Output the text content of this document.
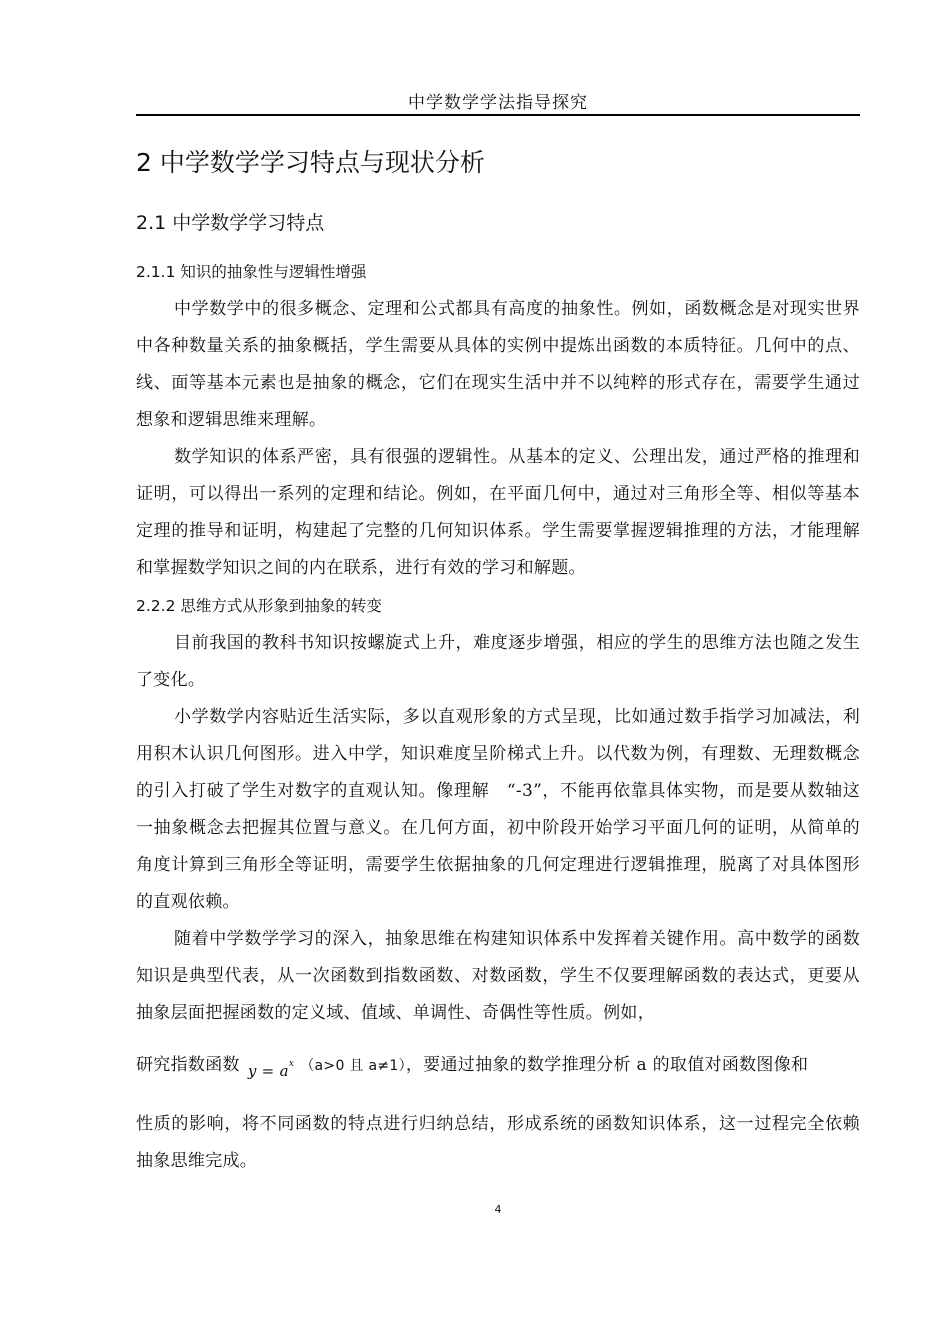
中学数学学法指导探究
2 中学数学学习特点与现状分析
2.1 中学数学学习特点
2.1.1 知识的抽象性与逻辑性增强

中学数学中的很多概念、定理和公式都具有高度的抽象性。例如，函数概念是对现实世界中各种数量关系的抽象概括，学生需要从具体的实例中提炼出函数的本质特征。几何中的点、线、面等基本元素也是抽象的概念，它们在现实生活中并不以纯粹的形式存在，需要学生通过想象和逻辑思维来理解。

数学知识的体系严密，具有很强的逻辑性。从基本的定义、公理出发，通过严格的推理和证明，可以得出一系列的定理和结论。例如，在平面几何中，通过对三角形全等、相似等基本定理的推导和证明，构建起了完整的几何知识体系。学生需要掌握逻辑推理的方法，才能理解和掌握数学知识之间的内在联系，进行有效的学习和解题。

2.2.2 思维方式从形象到抽象的转变

目前我国的教科书知识按螺旋式上升，难度逐步增强，相应的学生的思维方法也随之发生了变化。

小学数学内容贴近生活实际，多以直观形象的方式呈现，比如通过数手指学习加减法，利用积木认识几何图形。进入中学，知识难度呈阶梯式上升。以代数为例，有理数、无理数概念的引入打破了学生对数字的直观认知。像理解　“-3”，不能再依靠具体实物，而是要从数轴这一抽象概念去把握其位置与意义。在几何方面，初中阶段开始学习平面几何的证明，从简单的角度计算到三角形全等证明，需要学生依据抽象的几何定理进行逻辑推理，脱离了对具体图形的直观依赖。

随着中学数学学习的深入，抽象思维在构建知识体系中发挥着关键作用。高中数学的函数知识是典型代表，从一次函数到指数函数、对数函数，学生不仅要理解函数的表达式，更要从抽象层面把握函数的定义域、值域、单调性、奇偶性等性质。例如，

研究指数函数 $y = a^x$ （a>0 且 a≠1），要通过抽象的数学推理分析 a 的取值对函数图像和

性质的影响，将不同函数的特点进行归纳总结，形成系统的函数知识体系，这一过程完全依赖抽象思维完成。

4
